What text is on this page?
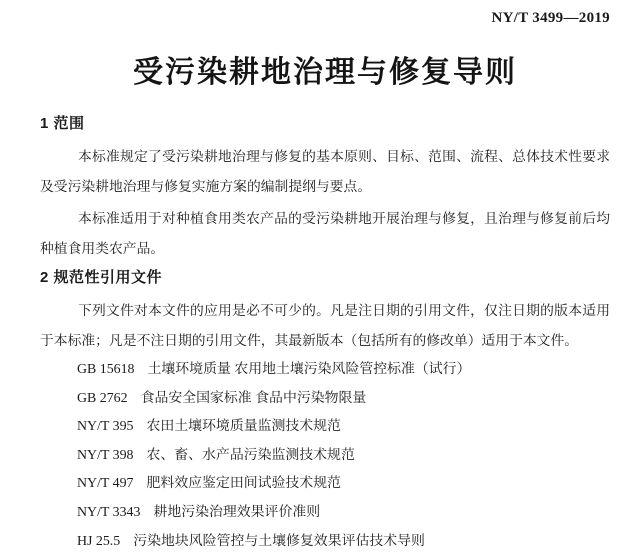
NY/T 3499—2019
受污染耕地治理与修复导则
1 范围

本标准规定了受污染耕地治理与修复的基本原则、目标、范围、流程、总体技术性要求及受污染耕地治理与修复实施方案的编制提纲与要点。

本标准适用于对种植食用类农产品的受污染耕地开展治理与修复，且治理与修复前后均种植食用类农产品。

2 规范性引用文件

下列文件对本文件的应用是必不可少的。凡是注日期的引用文件，仅注日期的版本适用于本标准；凡是不注日期的引用文件，其最新版本（包括所有的修改单）适用于本文件。

GB 15618 土壤环境质量 农用地土壤污染风险管控标准（试行）
GB 2762 食品安全国家标准 食品中污染物限量
NY/T 395 农田土壤环境质量监测技术规范
NY/T 398 农、畜、水产品污染监测技术规范
NY/T 497 肥料效应鉴定田间试验技术规范
NY/T 3343 耕地污染治理效果评价准则
HJ 25.5 污染地块风险管控与土壤修复效果评估技术导则
